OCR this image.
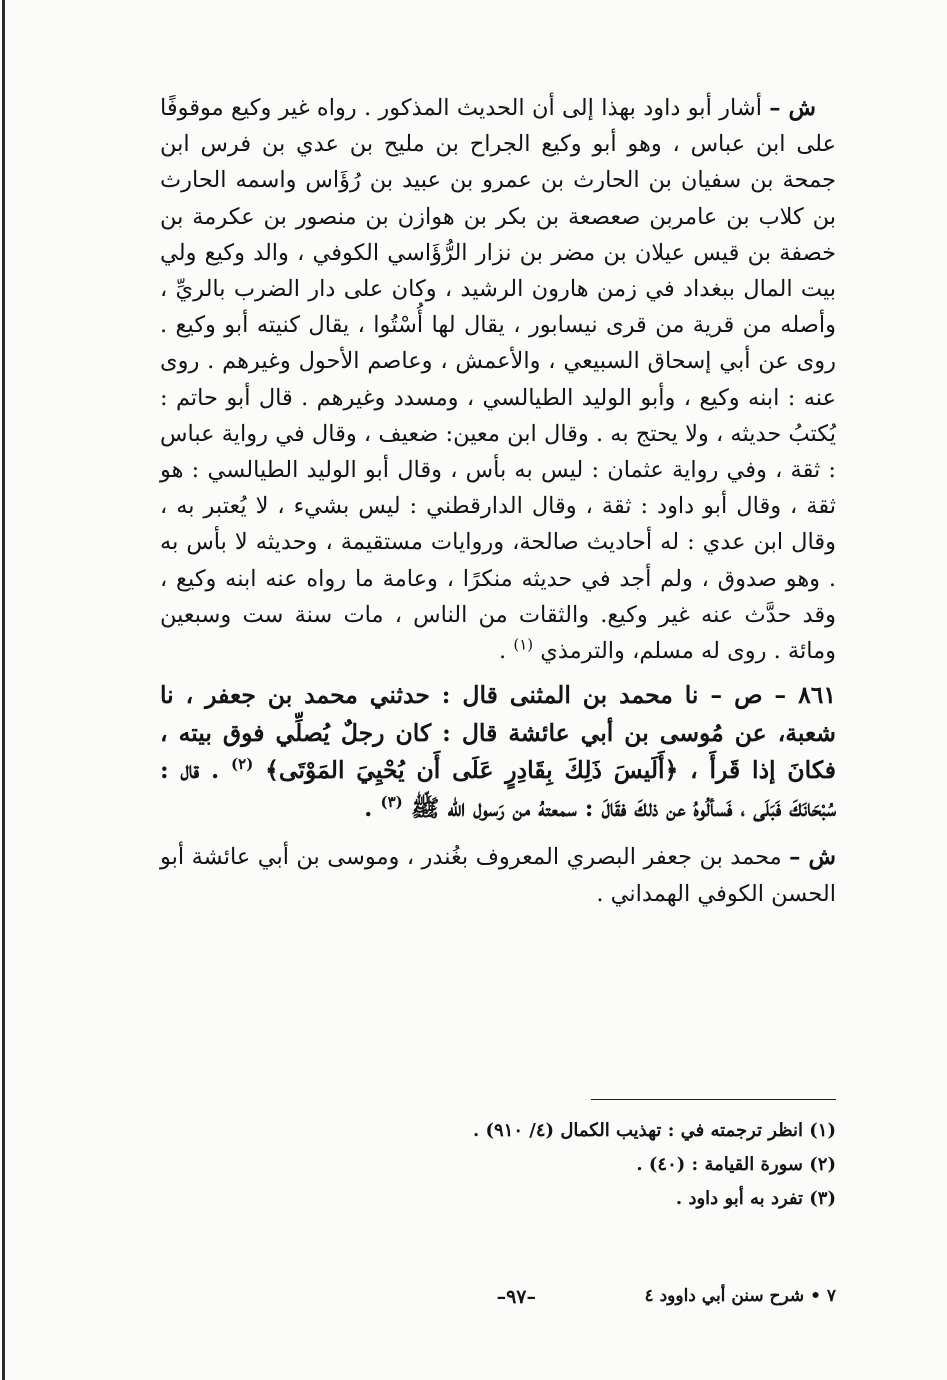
ش – أشار أبو داود بهذا إلى أن الحديث المذكور . رواه غير وكيع موقوفًا على ابن عباس ، وهو أبو وكيع الجراح بن مليح بن عدي بن فرس ابن جمحة بن سفيان بن الحارث بن عمرو بن عبيد بن رُؤَاس واسمه الحارث بن كلاب بن عامربن صعصعة بن بكر بن هوازن بن منصور بن عكرمة بن خصفة بن قيس عيلان بن مضر بن نزار الرُّؤَاسي الكوفي ، والد وكيع ولي بيت المال ببغداد في زمن هارون الرشيد ، وكان على دار الضرب بالريِّ ، وأصله من قرية من قرى نيسابور ، يقال لها أُسْتُوا ، يقال كنيته أبو وكيع . روى عن أبي إسحاق السبيعي ، والأعمش ، وعاصم الأحول وغيرهم . روى عنه : ابنه وكيع ، وأبو الوليد الطيالسي ، ومسدد وغيرهم . قال أبو حاتم : يُكتبُ حديثه ، ولا يحتج به . وقال ابن معين: ضعيف ، وقال في رواية عباس : ثقة ، وفي رواية عثمان : ليس به بأس ، وقال أبو الوليد الطيالسي : هو ثقة ، وقال أبو داود : ثقة ، وقال الدارقطني : ليس بشيء ، لا يُعتبر به ، وقال ابن عدي : له أحاديث صالحة، وروايات مستقيمة ، وحديثه لا بأس به . وهو صدوق ، ولم أجد في حديثه منكرًا ، وعامة ما رواه عنه ابنه وكيع ، وقد حدَّث عنه غير وكيع. والثقات من الناس ، مات سنة ست وسبعين ومائة . روى له مسلم، والترمذي $^{(١)}$ .

٨٦١ – ص – نا محمد بن المثنى قال : حدثني محمد بن جعفر ، نا شعبة، عن مُوسى بن أبي عائشة قال : كان رجلٌ يُصلِّي فوق بيته ، فكانَ إذا قَرأَ ، ﴿أَلَيسَ ذَلِكَ بِقَادِرٍ عَلَى أَن يُحْيِيَ المَوْتَى﴾ $^{(٢)}$ . قال : سُبْحَانَكَ فَبَلَى ، فَسألُوهُ عن ذلكَ فقَالَ : سمعتهُ من رَسول الله ﷺ $^{(٣)}$ .

ش – محمد بن جعفر البصري المعروف بغُندر ، وموسى بن أبي عائشة أبو الحسن الكوفي الهمداني .

(١) انظر ترجمته في : تهذيب الكمال (٤/ ٩١٠) .
(٢) سورة القيامة : (٤٠) .
(٣) تفرد به أبو داود .
٧ • شرح سنن أبي داوود ٤
–٩٧–
